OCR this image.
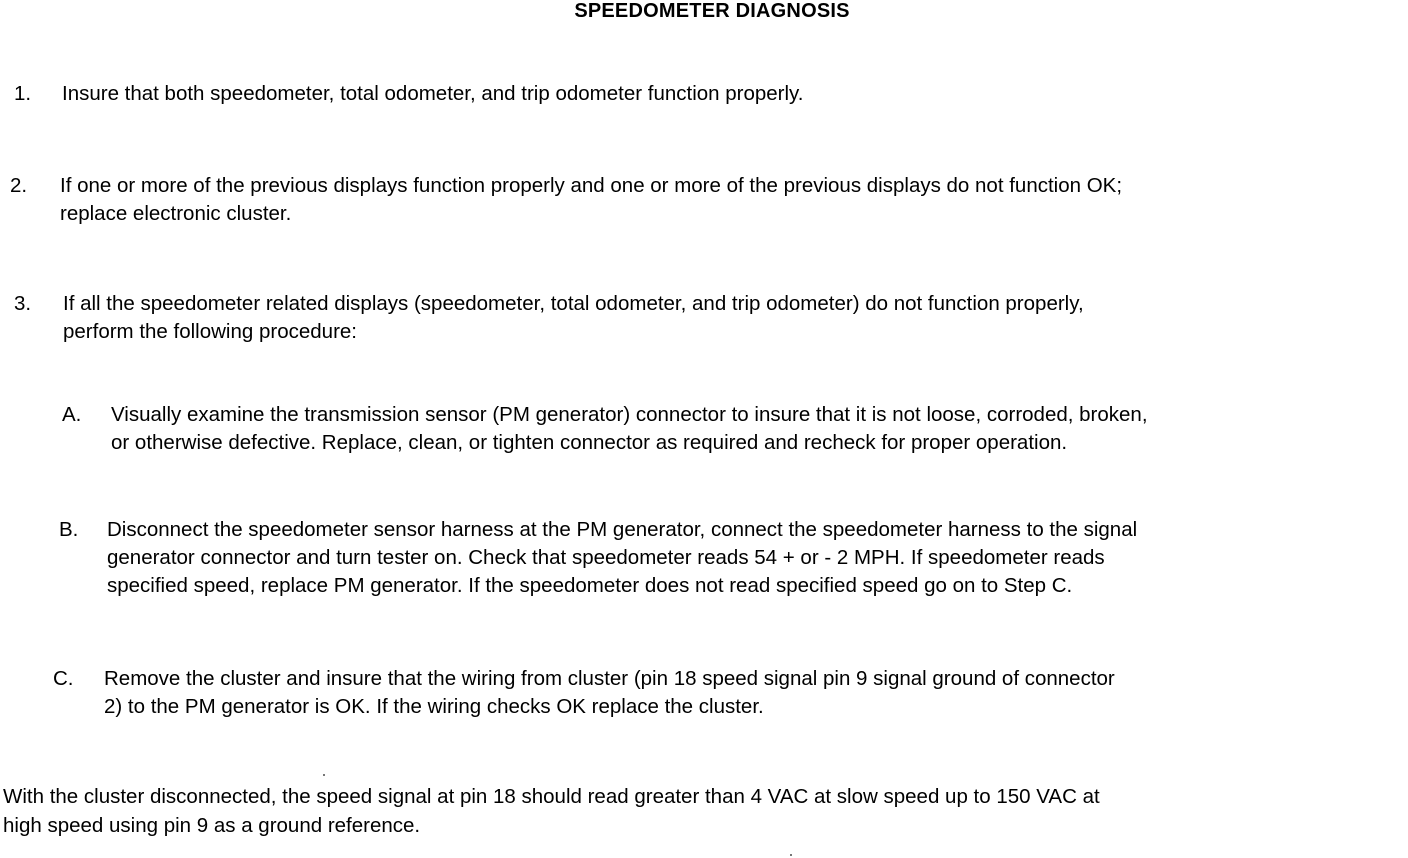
SPEEDOMETER DIAGNOSIS
1. Insure that both speedometer, total odometer, and trip odometer function properly.
2. If one or more of the previous displays function properly and one or more of the previous displays do not function OK;
replace electronic cluster.
3. If all the speedometer related displays (speedometer, total odometer, and trip odometer) do not function properly,
perform the following procedure:
A. Visually examine the transmission sensor (PM generator) connector to insure that it is not loose, corroded, broken,
or otherwise defective. Replace, clean, or tighten connector as required and recheck for proper operation.
B. Disconnect the speedometer sensor harness at the PM generator, connect the speedometer harness to the signal
generator connector and turn tester on. Check that speedometer reads 54 + or - 2 MPH. If speedometer reads
specified speed, replace PM generator. If the speedometer does not read specified speed go on to Step C.
C. Remove the cluster and insure that the wiring from cluster (pin 18 speed signal pin 9 signal ground of connector
2) to the PM generator is OK. If the wiring checks OK replace the cluster.
With the cluster disconnected, the speed signal at pin 18 should read greater than 4 VAC at slow speed up to 150 VAC at
high speed using pin 9 as a ground reference.
